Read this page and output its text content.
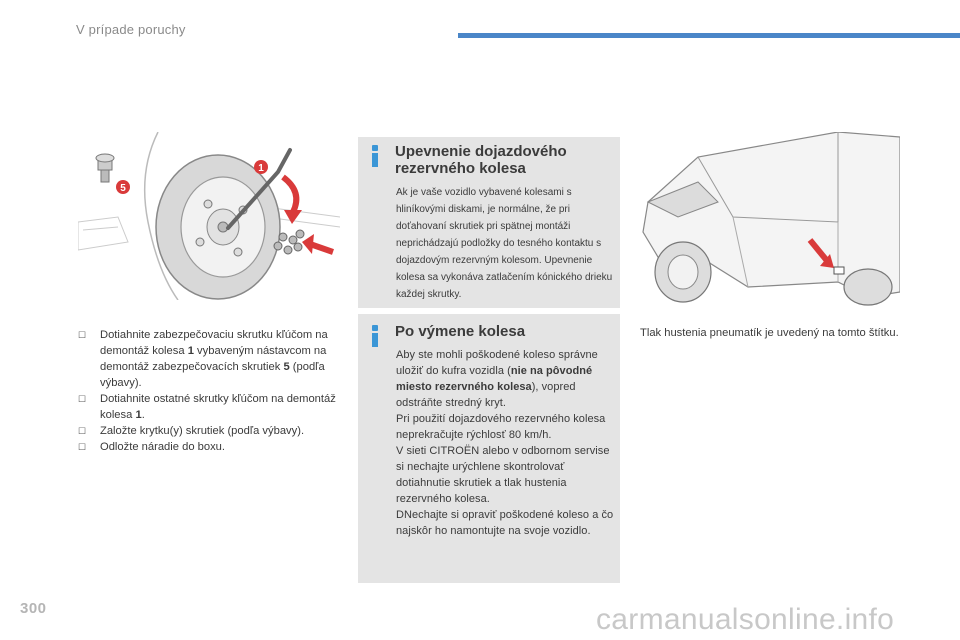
V prípade poruchy
5
1
☐ Dotiahnite zabezpečovaciu skrutku kľúčom na demontáž kolesa 1 vybaveným nástavcom na demontáž zabezpečovacích skrutiek 5 (podľa výbavy).
☐ Dotiahnite ostatné skrutky kľúčom na demontáž kolesa 1.
☐ Založte krytku(y) skrutiek (podľa výbavy).
☐ Odložte náradie do boxu.
Upevnenie dojazdového rezervného kolesa
Ak je vaše vozidlo vybavené kolesami s hliníkovými diskami, je normálne, že pri doťahovaní skrutiek pri spätnej montáži neprichádzajú podložky do tesného kontaktu s dojazdovým rezervným kolesom. Upevnenie kolesa sa vykonáva zatlačením kónického drieku každej skrutky.
Po výmene kolesa

Aby ste mohli poškodené koleso správne uložiť do kufra vozidla (nie na pôvodné miesto rezervného kolesa), vopred odstráňte stredný kryt.

Pri použití dojazdového rezervného kolesa neprekračujte rýchlosť 80 km/h.

V sieti CITROËN alebo v odbornom servise si nechajte urýchlene skontrolovať dotiahnutie skrutiek a tlak hustenia rezervného kolesa.

DNechajte si opraviť poškodené koleso a čo najskôr ho namontujte na svoje vozidlo.

Tlak hustenia pneumatík je uvedený na tomto štítku.
300	carmanualsonline.info
